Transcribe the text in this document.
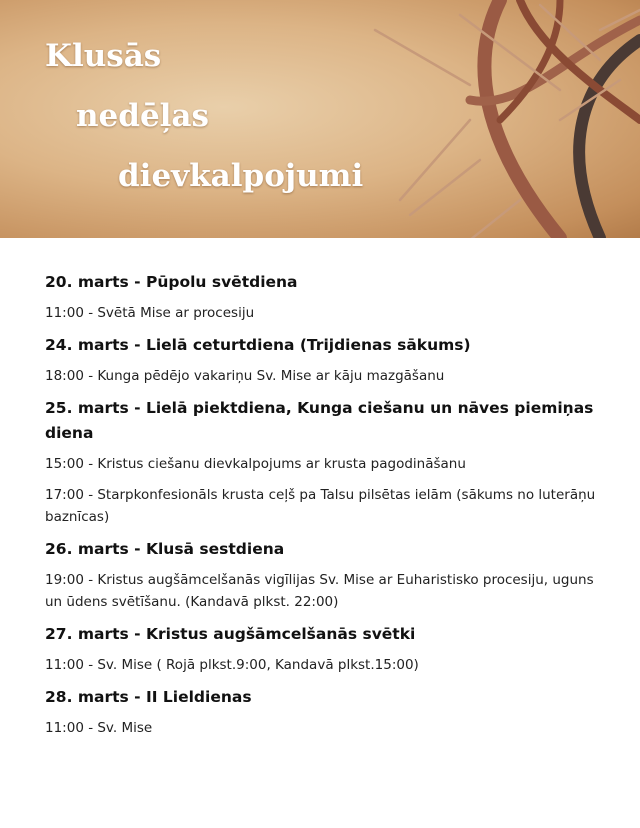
Klusās
nedēļas
dievkalpojumi
20. marts - Pūpolu svētdiena
11:00 - Svētā Mise ar procesiju
24. marts - Lielā ceturtdiena (Trijdienas sākums)
18:00 - Kunga pēdējo vakariņu Sv. Mise ar kāju mazgāšanu
25. marts - Lielā piektdiena, Kunga ciešanu un nāves piemiņas diena
15:00 - Kristus ciešanu dievkalpojums ar krusta pagodināšanu
17:00 - Starpkonfesionāls krusta ceļš pa Talsu pilsētas ielām (sākums no luterāņu baznīcas)
26. marts - Klusā sestdiena
19:00 - Kristus augšāmcelšanās vigīlijas Sv. Mise ar Euharistisko procesiju, uguns un ūdens svētīšanu. (Kandavā plkst. 22:00)
27. marts - Kristus augšāmcelšanās svētki
11:00 - Sv. Mise ( Rojā plkst.9:00, Kandavā plkst.15:00)
28. marts - II Lieldienas
11:00 - Sv. Mise
